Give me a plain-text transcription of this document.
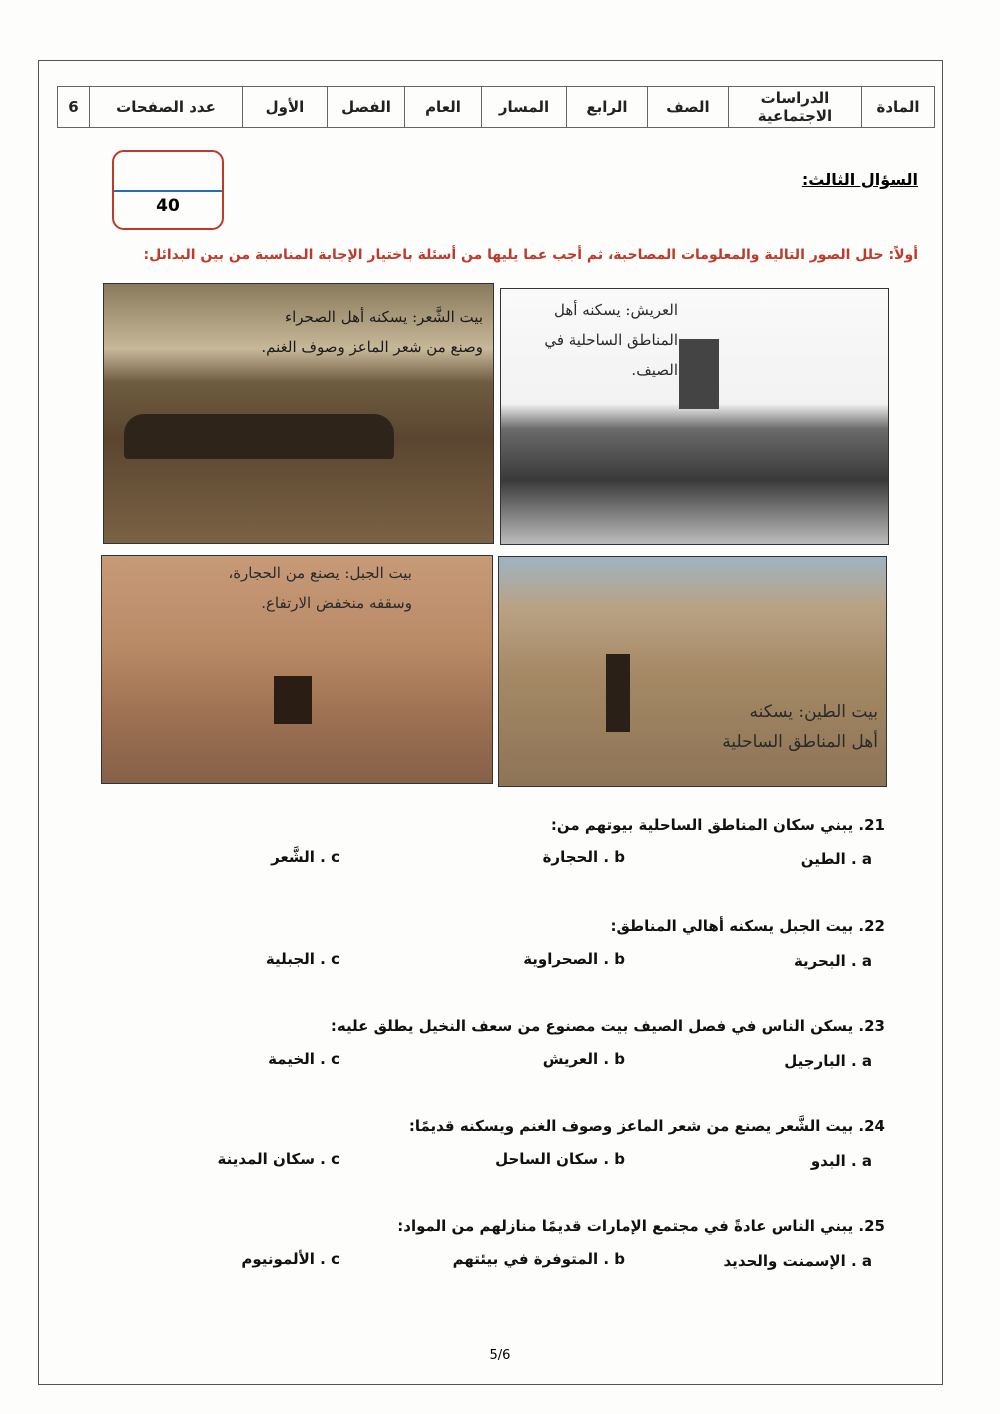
المادة	الدراسات الاجتماعية	الصف	الرابع	المسار	العام	الفصل	الأول	عدد الصفحات	6
40
السؤال الثالث:
أولاً: حلل الصور التالية والمعلومات المصاحبة، ثم أجب عما يليها من أسئلة باختيار الإجابة المناسبة من بين البدائل:
بيت الشَّعر: يسكنه أهل الصحراء
وصنع من شعر الماعز وصوف الغنم.
العريش: يسكنه أهل
المناطق الساحلية في الصيف.
بيت الجبل: يصنع من الحجارة،
وسقفه منخفض الارتفاع.
بيت الطين: يسكنه
أهل المناطق الساحلية
21. يبني سكان المناطق الساحلية بيوتهم من:
a . الطين
b . الحجارة
c . الشَّعر
22. بيت الجبل يسكنه أهالي المناطق:
a . البحرية
b . الصحراوية
c . الجبلية
23. يسكن الناس في فصل الصيف بيت مصنوع من سعف النخيل يطلق عليه:
a . البارجيل
b . العريش
c . الخيمة
24. بيت الشَّعر يصنع من شعر الماعز وصوف الغنم ويسكنه قديمًا:
a . البدو
b . سكان الساحل
c . سكان المدينة
25. يبني الناس عادةً في مجتمع الإمارات قديمًا منازلهم من المواد:
a . الإسمنت والحديد
b . المتوفرة في بيئتهم
c . الألمونيوم
5/6
